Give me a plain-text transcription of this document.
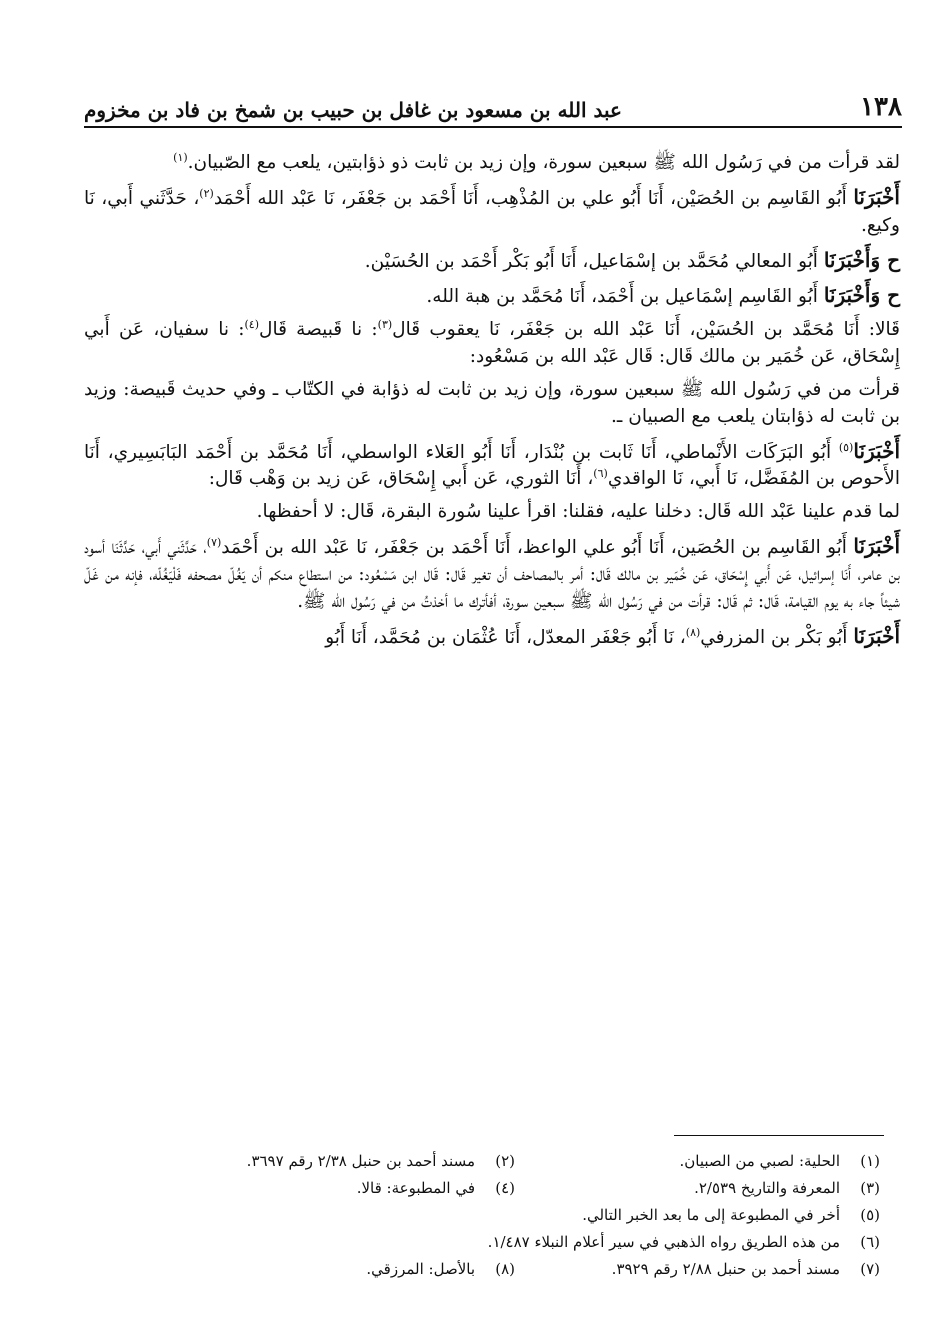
١٣٨
عبد الله بن مسعود بن غافل بن حبيب بن شمخ بن فاد بن مخزوم

لقد قرأت من في رَسُول الله ﷺ سبعين سورة، وإن زيد بن ثابت ذو ذؤابتين، يلعب مع الصّبيان.$^{(١)}$

أَخْبَرَنَا أَبُو القَاسِم بن الحُصَيْن، أَنَا أَبُو علي بن المُذْهِب، أَنَا أَحْمَد بن جَعْفَر، نَا عَبْد الله أَحْمَد$^{(٢)}$، حَدَّثَني أَبي، نَا وكيع.

ح وَأَخْبَرَنَا أَبُو المعالي مُحَمَّد بن إسْمَاعيل، أَنَا أَبُو بَكْر أَحْمَد بن الحُسَيْن.

ح وَأَخْبَرَنَا أَبُو القَاسِم إسْمَاعيل بن أَحْمَد، أَنَا مُحَمَّد بن هبة الله.

قَالا: أَنَا مُحَمَّد بن الحُسَيْن، أَنَا عَبْد الله بن جَعْفَر، نَا يعقوب قَال$^{(٣)}$: نا قَبيصة قَال$^{(٤)}$: نا سفيان، عَن أَبي إِسْحَاق، عَن خُمَير بن مالك قَال: قَال عَبْد الله بن مَسْعُود:

قرأت من في رَسُول الله ﷺ سبعين سورة، وإن زيد بن ثابت له ذؤابة في الكتّاب ـ وفي حديث قَبيصة: وزيد بن ثابت له ذؤابتان يلعب مع الصبيان ـ.

أَخْبَرَنَا$^{(٥)}$ أَبُو البَرَكَات الأَنْماطي، أَنَا ثَابت بن بُنْدَار، أَنَا أَبُو العَلاء الواسطي، أَنَا مُحَمَّد بن أَحْمَد البَابَسِيري، أَنَا الأَحوص بن المُفَضَّل، نَا أَبي، نَا الواقدي$^{(٦)}$، أَنَا الثوري، عَن أَبي إِسْحَاق، عَن زيد بن وَهْب قَال:

لما قدم علينا عَبْد الله قَال: دخلنا عليه، فقلنا: اقرأ علينا سُورة البقرة، قَال: لا أحفظها.

أَخْبَرَنَا أَبُو القَاسِم بن الحُصَين، أَنَا أَبُو علي الواعظ، أَنَا أَحْمَد بن جَعْفَر، نَا عَبْد الله بن أَحْمَد$^{(٧)}$، حَدَّثَني أَبي، حَدَّثَنَا أسود بن عامر، أَنَا إسرائيل، عَن أَبي إِسْحَاق، عَن خُمَير بن مالك قَال: أمر بالمصاحف أن تغير قَال: قَال ابن مَسْعُود: من استطاع منكم أن يَغُلّ مصحفه فَلْيَغُلّه، فإنه من غَلّ شيئاً جاء به يوم القيامة، قَال: ثم قَال: قرأت من في رَسُول الله ﷺ سبعين سورة، أفأترك ما أخذتُ من في رَسُول الله ﷺ.

أَخْبَرَنَا أَبُو بَكْر بن المزرفي$^{(٨)}$، نَا أَبُو جَعْفَر المعدّل، أَنَا عُثْمَان بن مُحَمَّد، أَنَا أَبُو

(١)الحلية: لصبي من الصبيان.
(٢)مسند أحمد بن حنبل ٢/٣٨ رقم ٣٦٩٧.
(٣)المعرفة والتاريخ ٢/٥٣٩.
(٤)في المطبوعة: قالا.
(٥)أخر في المطبوعة إلى ما بعد الخبر التالي.
(٦)من هذه الطريق رواه الذهبي في سير أعلام النبلاء ١/٤٨٧.
(٧)مسند أحمد بن حنبل ٢/٨٨ رقم ٣٩٢٩.
(٨)بالأصل: المرزقي.
